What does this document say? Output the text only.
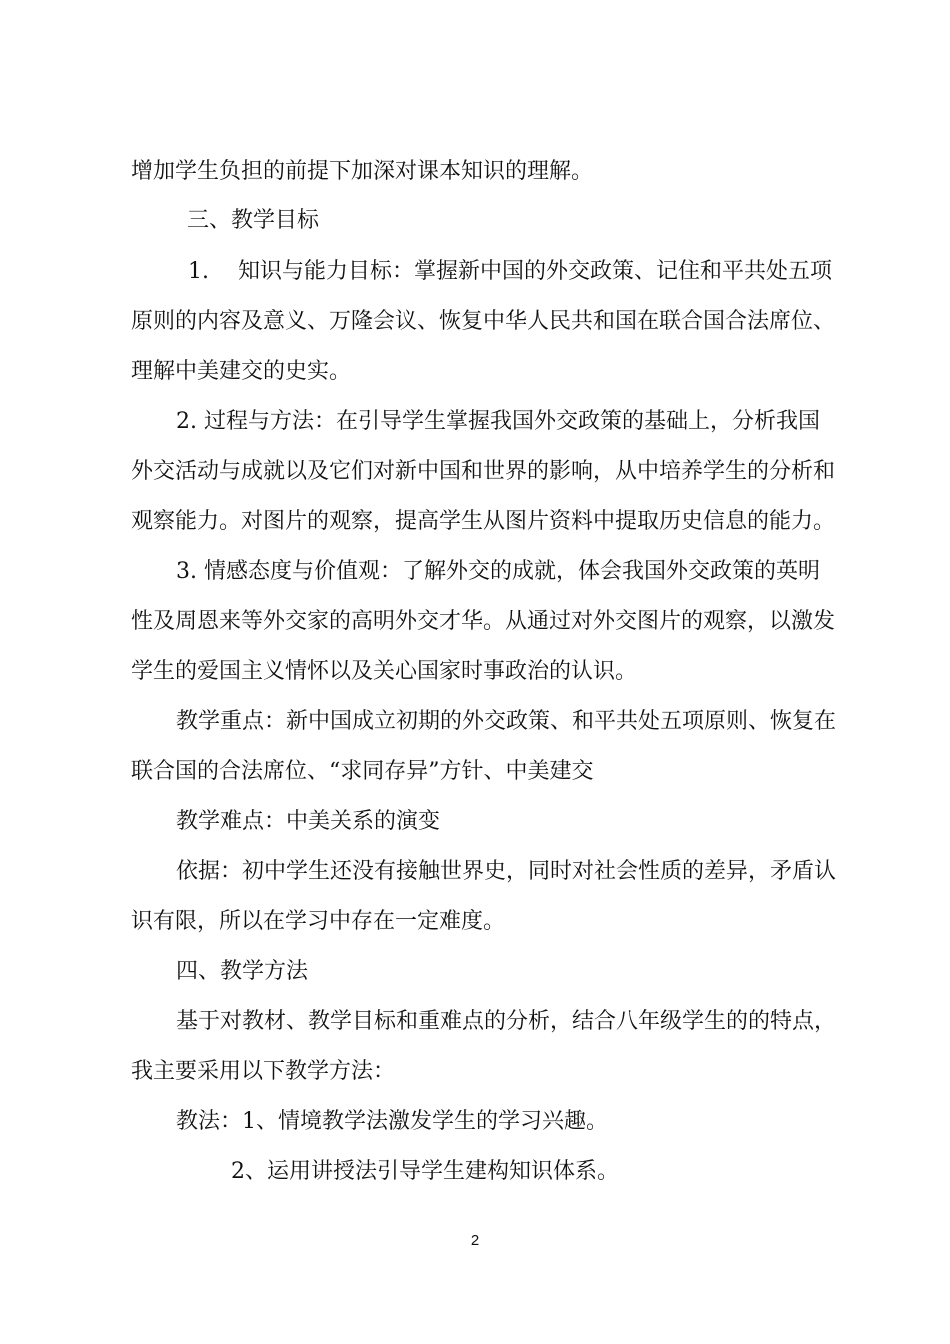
增加学生负担的前提下加深对课本知识的理解。
三、教学目标
1.　 知识与能力目标：掌握新中国的外交政策、记住和平共处五项
原则的内容及意义、万隆会议、恢复中华人民共和国在联合国合法席位、
理解中美建交的史实。
2. 过程与方法：在引导学生掌握我国外交政策的基础上，分析我国
外交活动与成就以及它们对新中国和世界的影响，从中培养学生的分析和
观察能力。对图片的观察，提高学生从图片资料中提取历史信息的能力。
3. 情感态度与价值观：了解外交的成就，体会我国外交政策的英明
性及周恩来等外交家的高明外交才华。从通过对外交图片的观察，以激发
学生的爱国主义情怀以及关心国家时事政治的认识。
教学重点：新中国成立初期的外交政策、和平共处五项原则、恢复在
联合国的合法席位、“求同存异”方针、中美建交
教学难点：中美关系的演变
依据：初中学生还没有接触世界史，同时对社会性质的差异，矛盾认
识有限，所以在学习中存在一定难度。
四、教学方法
基于对教材、教学目标和重难点的分析，结合八年级学生的的特点，
我主要采用以下教学方法：
教法：1、情境教学法激发学生的学习兴趣。
2、运用讲授法引导学生建构知识体系。
2
